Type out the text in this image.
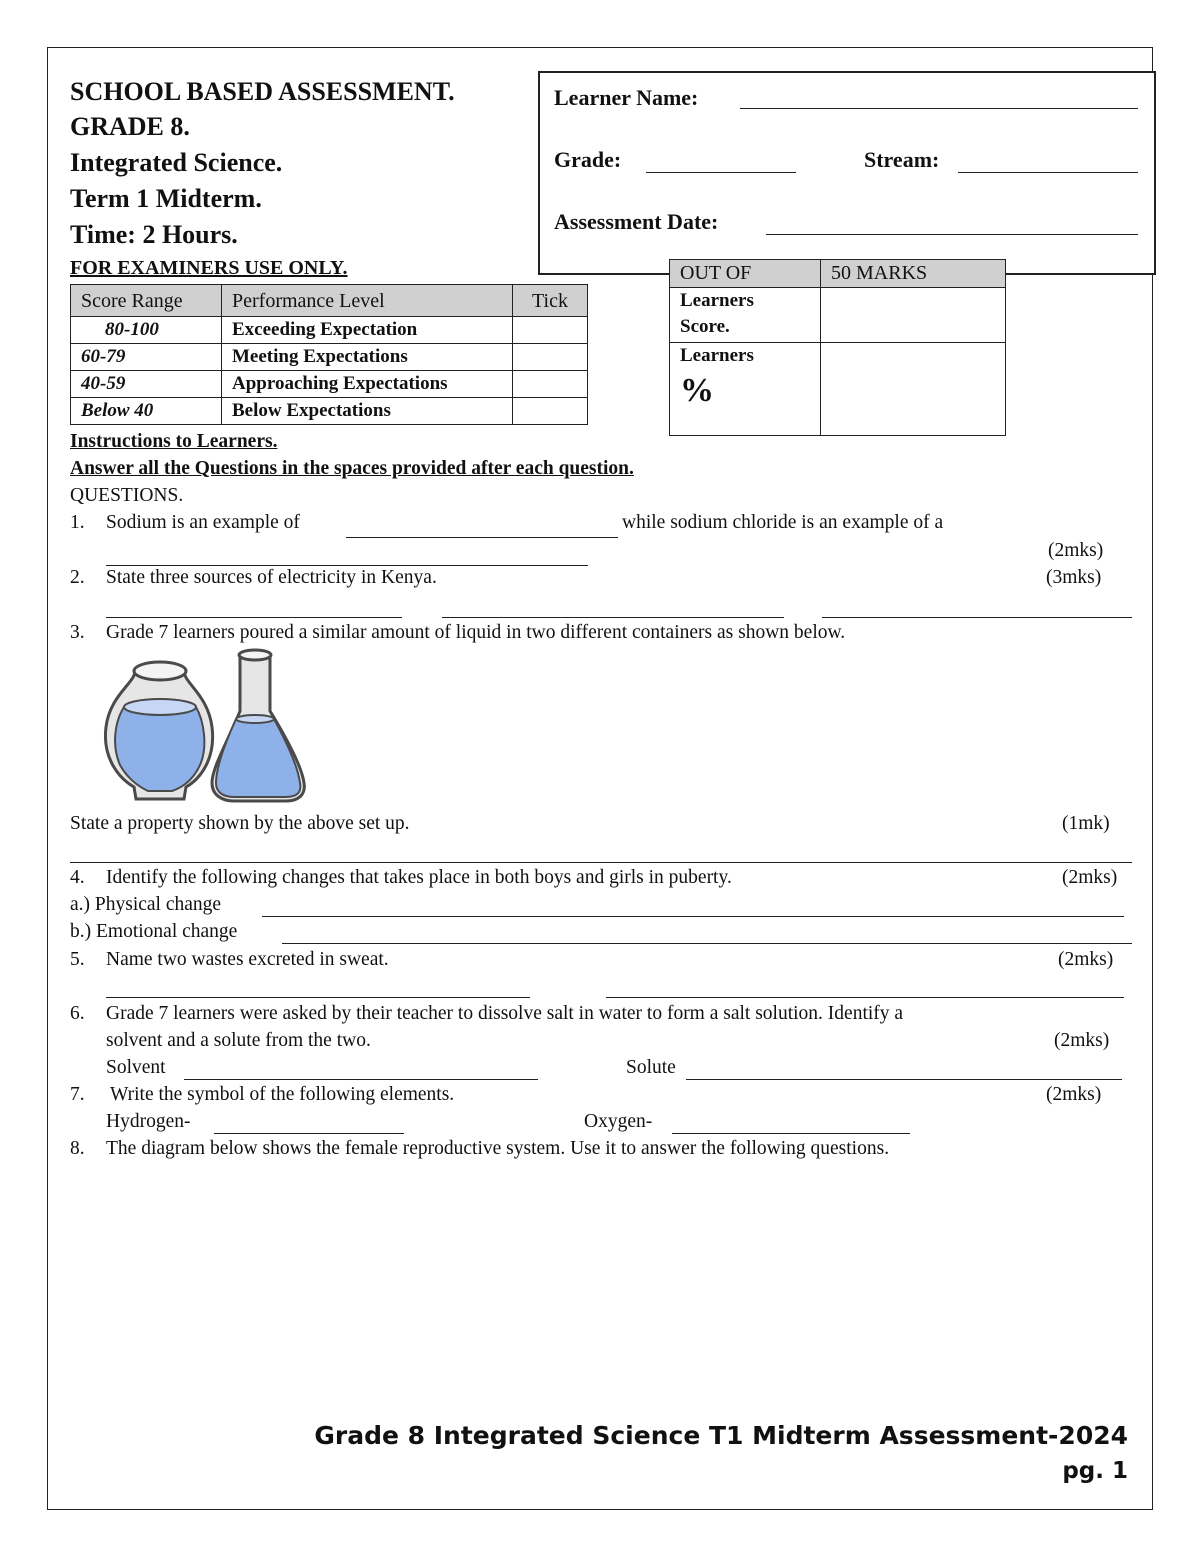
SCHOOL BASED ASSESSMENT.
GRADE 8.
Integrated Science.
Term 1 Midterm.
Time: 2 Hours.
Learner Name:
Grade:	Stream:
Assessment Date:
FOR EXAMINERS USE ONLY.
Score Range	Performance Level	Tick
80-100	Exceeding Expectation	
60-79	Meeting Expectations	
40-59	Approaching Expectations	
Below 40	Below Expectations	
OUT OF	50 MARKS

Learners
Score.	

Learners
%	

Instructions to Learners.
Answer all the Questions in the spaces provided after each question.
QUESTIONS.
1. Sodium is an example of	while sodium chloride is an example of a
(2mks)
2. State three sources of electricity in Kenya.	(3mks)
3. Grade 7 learners poured a similar amount of liquid in two different containers as shown below.
State a property shown by the above set up.	(1mk)
4. Identify the following changes that takes place in both boys and girls in puberty.	(2mks)
a.) Physical change
b.) Emotional change
5. Name two wastes excreted in sweat.	(2mks)
6. Grade 7 learners were asked by their teacher to dissolve salt in water to form a salt solution. Identify a
solvent and a solute from the two.	(2mks)
Solvent	Solute
7. Write the symbol of the following elements.	(2mks)
Hydrogen-	Oxygen-
8. The diagram below shows the female reproductive system. Use it to answer the following questions.
Grade 8 Integrated Science T1 Midterm Assessment-2024
pg. 1
